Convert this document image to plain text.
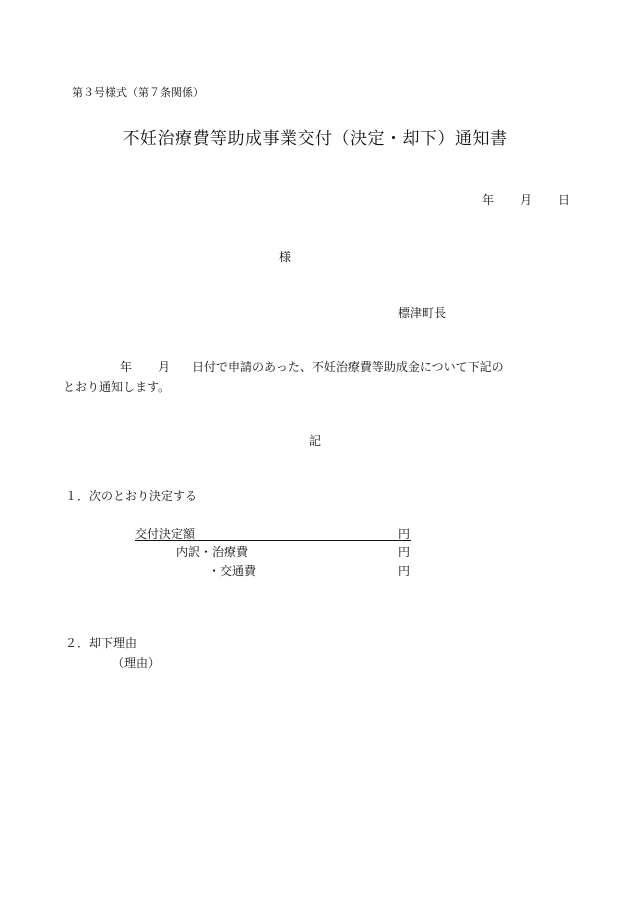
第３号様式（第７条関係）
不妊治療費等助成事業交付（決定・却下）通知書
年 月 日
様
標津町長
年 月 日付で申請のあった、不妊治療費等助成金について下記の
とおり通知します。
記
１．次のとおり決定する
交付決定額	円
内訳・治療費	円
・交通費	円
２．却下理由
（理由）
